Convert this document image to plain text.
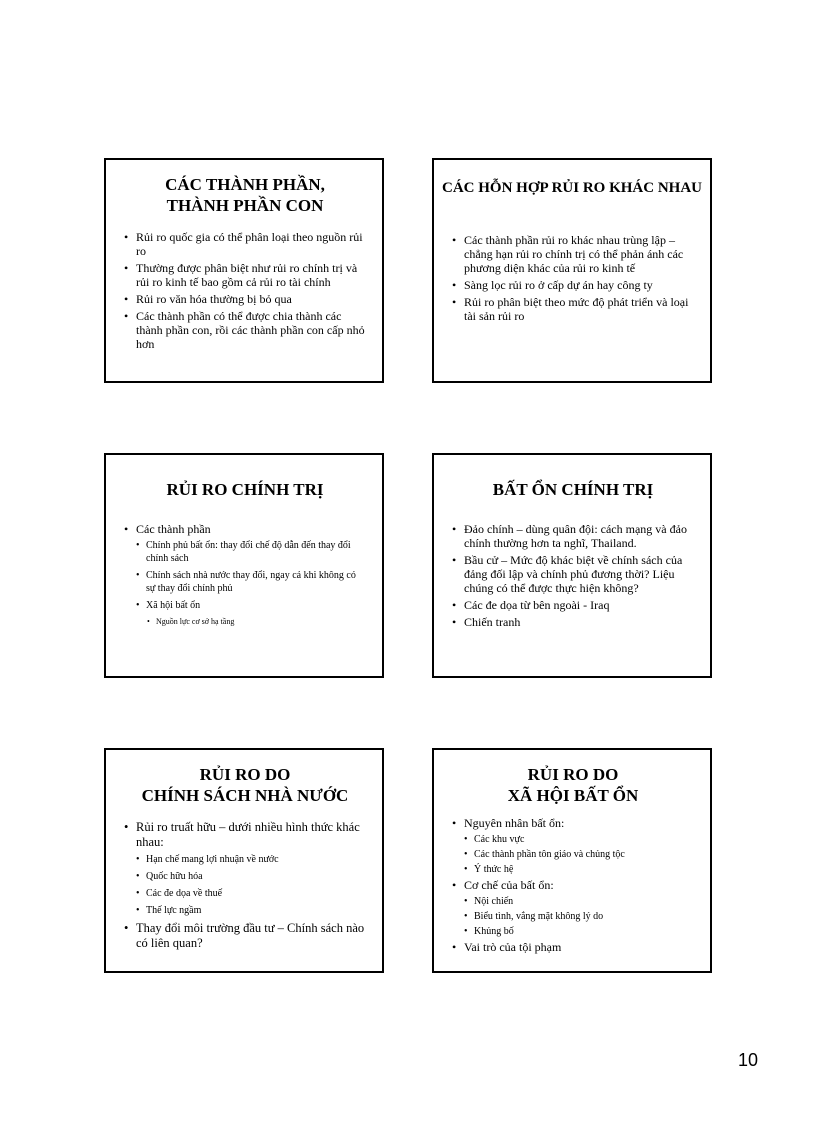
CÁC THÀNH PHẦN,
THÀNH PHẦN CON
• Rủi ro quốc gia có thể phân loại theo nguồn rủi ro
• Thường được phân biệt như rủi ro chính trị và rủi ro kinh tế bao gồm cả rủi ro tài chính
• Rủi ro văn hóa thường bị bỏ qua
• Các thành phần có thể được chia thành các thành phần con, rồi các thành phần con cấp nhỏ hơn
CÁC HỖN HỢP RỦI RO KHÁC NHAU
• Các thành phần rủi ro khác nhau trùng lập – chẳng hạn rủi ro chính trị có thể phản ánh các phương diện khác của rủi ro kinh tế
• Sàng lọc rủi ro ở cấp dự án hay công ty
• Rủi ro phân biệt theo mức độ phát triển và loại tài sản rủi ro
RỦI RO CHÍNH TRỊ
• Các thành phần
• Chính phủ bất ổn: thay đổi chế độ dẫn đến thay đổi chính sách
• Chính sách nhà nước thay đổi, ngay cả khi không có sự thay đổi chính phủ
• Xã hội bất ổn
• Nguồn lực cơ sở hạ tầng
BẤT ỔN CHÍNH TRỊ
• Đảo chính – dùng quân đội: cách mạng và đảo chính thường hơn ta nghĩ, Thailand.
• Bầu cử – Mức độ khác biệt về chính sách của đảng đối lập và chính phủ đương thời? Liệu chúng có thể được thực hiện không?
• Các đe dọa từ bên ngoài - Iraq
• Chiến tranh
RỦI RO DO
CHÍNH SÁCH NHÀ NƯỚC
• Rủi ro truất hữu – dưới nhiều hình thức khác nhau:
• Hạn chế mang lợi nhuận về nước
• Quốc hữu hóa
• Các đe dọa về thuế
• Thế lực ngầm
• Thay đổi môi trường đầu tư – Chính sách nào có liên quan?
RỦI RO DO
XÃ HỘI BẤT ỔN
• Nguyên nhân bất ổn:
• Các khu vực
• Các thành phần tôn giáo và chủng tộc
• Ý thức hệ
• Cơ chế của bất ổn:
• Nội chiến
• Biểu tình, vắng mặt không lý do
• Khủng bố
• Vai trò của tội phạm
10
